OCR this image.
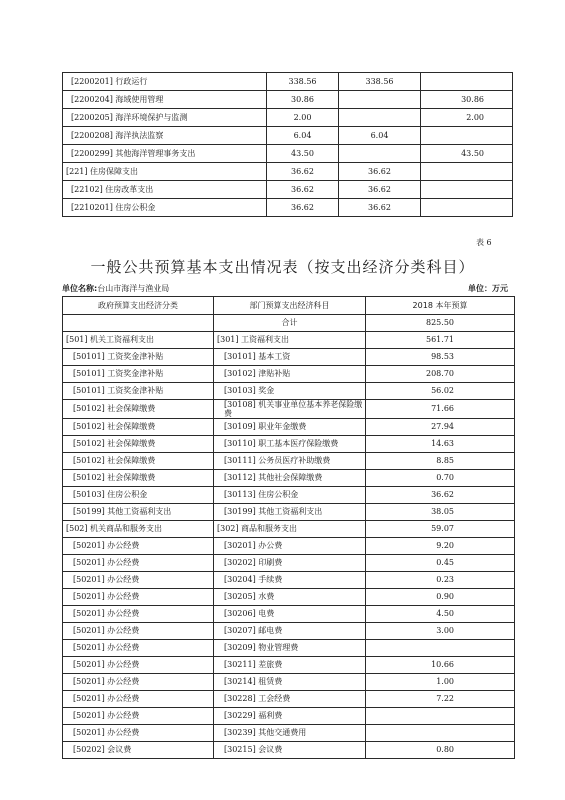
[2200201] 行政运行	338.56	338.56	
[2200204] 海域使用管理	30.86		30.86
[2200205] 海洋环境保护与监测	2.00		2.00
[2200208] 海洋执法监察	6.04	6.04	
[2200299] 其他海洋管理事务支出	43.50		43.50
[221] 住房保障支出	36.62	36.62	
[22102] 住房改革支出	36.62	36.62	
[2210201] 住房公积金	36.62	36.62	
表 6
一般公共预算基本支出情况表（按支出经济分类科目）
单位名称:台山市海洋与渔业局	单位：万元
政府预算支出经济分类	部门预算支出经济科目	2018 本年预算
	合计	825.50
[501] 机关工资福利支出	[301] 工资福利支出	561.71
[50101] 工资奖金津补贴	[30101] 基本工资	98.53
[50101] 工资奖金津补贴	[30102] 津贴补贴	208.70
[50101] 工资奖金津补贴	[30103] 奖金	56.02
[50102] 社会保障缴费	[30108] 机关事业单位基本养老保险缴费	71.66
[50102] 社会保障缴费	[30109] 职业年金缴费	27.94
[50102] 社会保障缴费	[30110] 职工基本医疗保险缴费	14.63
[50102] 社会保障缴费	[30111] 公务员医疗补助缴费	8.85
[50102] 社会保障缴费	[30112] 其他社会保障缴费	0.70
[50103] 住房公积金	[30113] 住房公积金	36.62
[50199] 其他工资福利支出	[30199] 其他工资福利支出	38.05
[502] 机关商品和服务支出	[302] 商品和服务支出	59.07
[50201] 办公经费	[30201] 办公费	9.20
[50201] 办公经费	[30202] 印刷费	0.45
[50201] 办公经费	[30204] 手续费	0.23
[50201] 办公经费	[30205] 水费	0.90
[50201] 办公经费	[30206] 电费	4.50
[50201] 办公经费	[30207] 邮电费	3.00
[50201] 办公经费	[30209] 物业管理费	
[50201] 办公经费	[30211] 差旅费	10.66
[50201] 办公经费	[30214] 租赁费	1.00
[50201] 办公经费	[30228] 工会经费	7.22
[50201] 办公经费	[30229] 福利费	
[50201] 办公经费	[30239] 其他交通费用	
[50202] 会议费	[30215] 会议费	0.80
